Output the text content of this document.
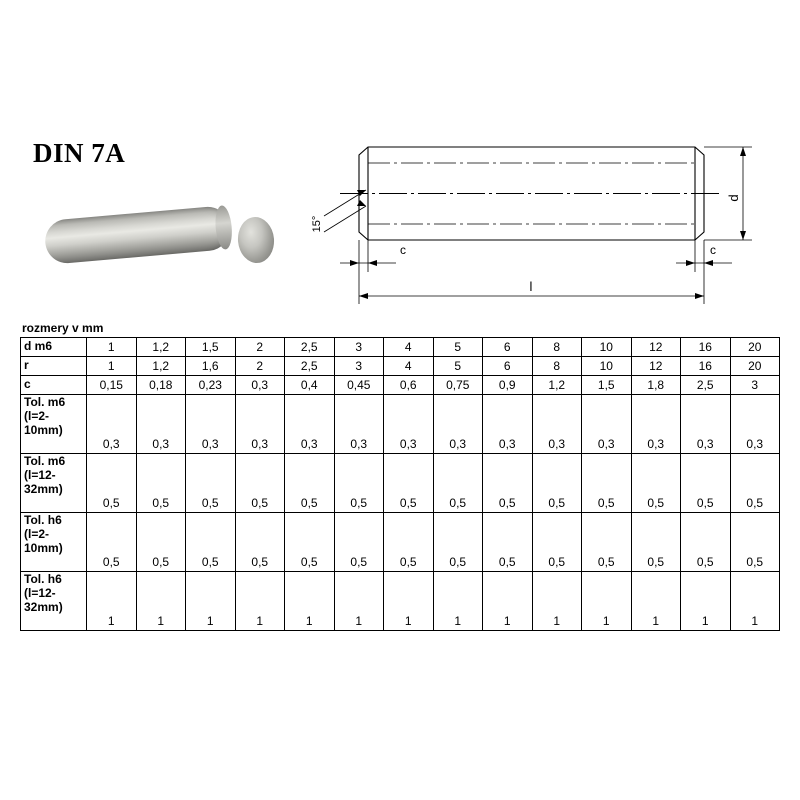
DIN 7A
d
15°
c	c
l
rozmery v mm
d m6	1	1,2	1,5	2	2,5	3	4	5	6	8	10	12	16	20
r	1	1,2	1,6	2	2,5	3	4	5	6	8	10	12	16	20
c	0,15	0,18	0,23	0,3	0,4	0,45	0,6	0,75	0,9	1,2	1,5	1,8	2,5	3
Tol. m6 (l=2-10mm)	0,3	0,3	0,3	0,3	0,3	0,3	0,3	0,3	0,3	0,3	0,3	0,3	0,3	0,3
Tol. m6 (l=12-32mm)	0,5	0,5	0,5	0,5	0,5	0,5	0,5	0,5	0,5	0,5	0,5	0,5	0,5	0,5
Tol. h6 (l=2-10mm)	0,5	0,5	0,5	0,5	0,5	0,5	0,5	0,5	0,5	0,5	0,5	0,5	0,5	0,5
Tol. h6 (l=12-32mm)	1	1	1	1	1	1	1	1	1	1	1	1	1	1
